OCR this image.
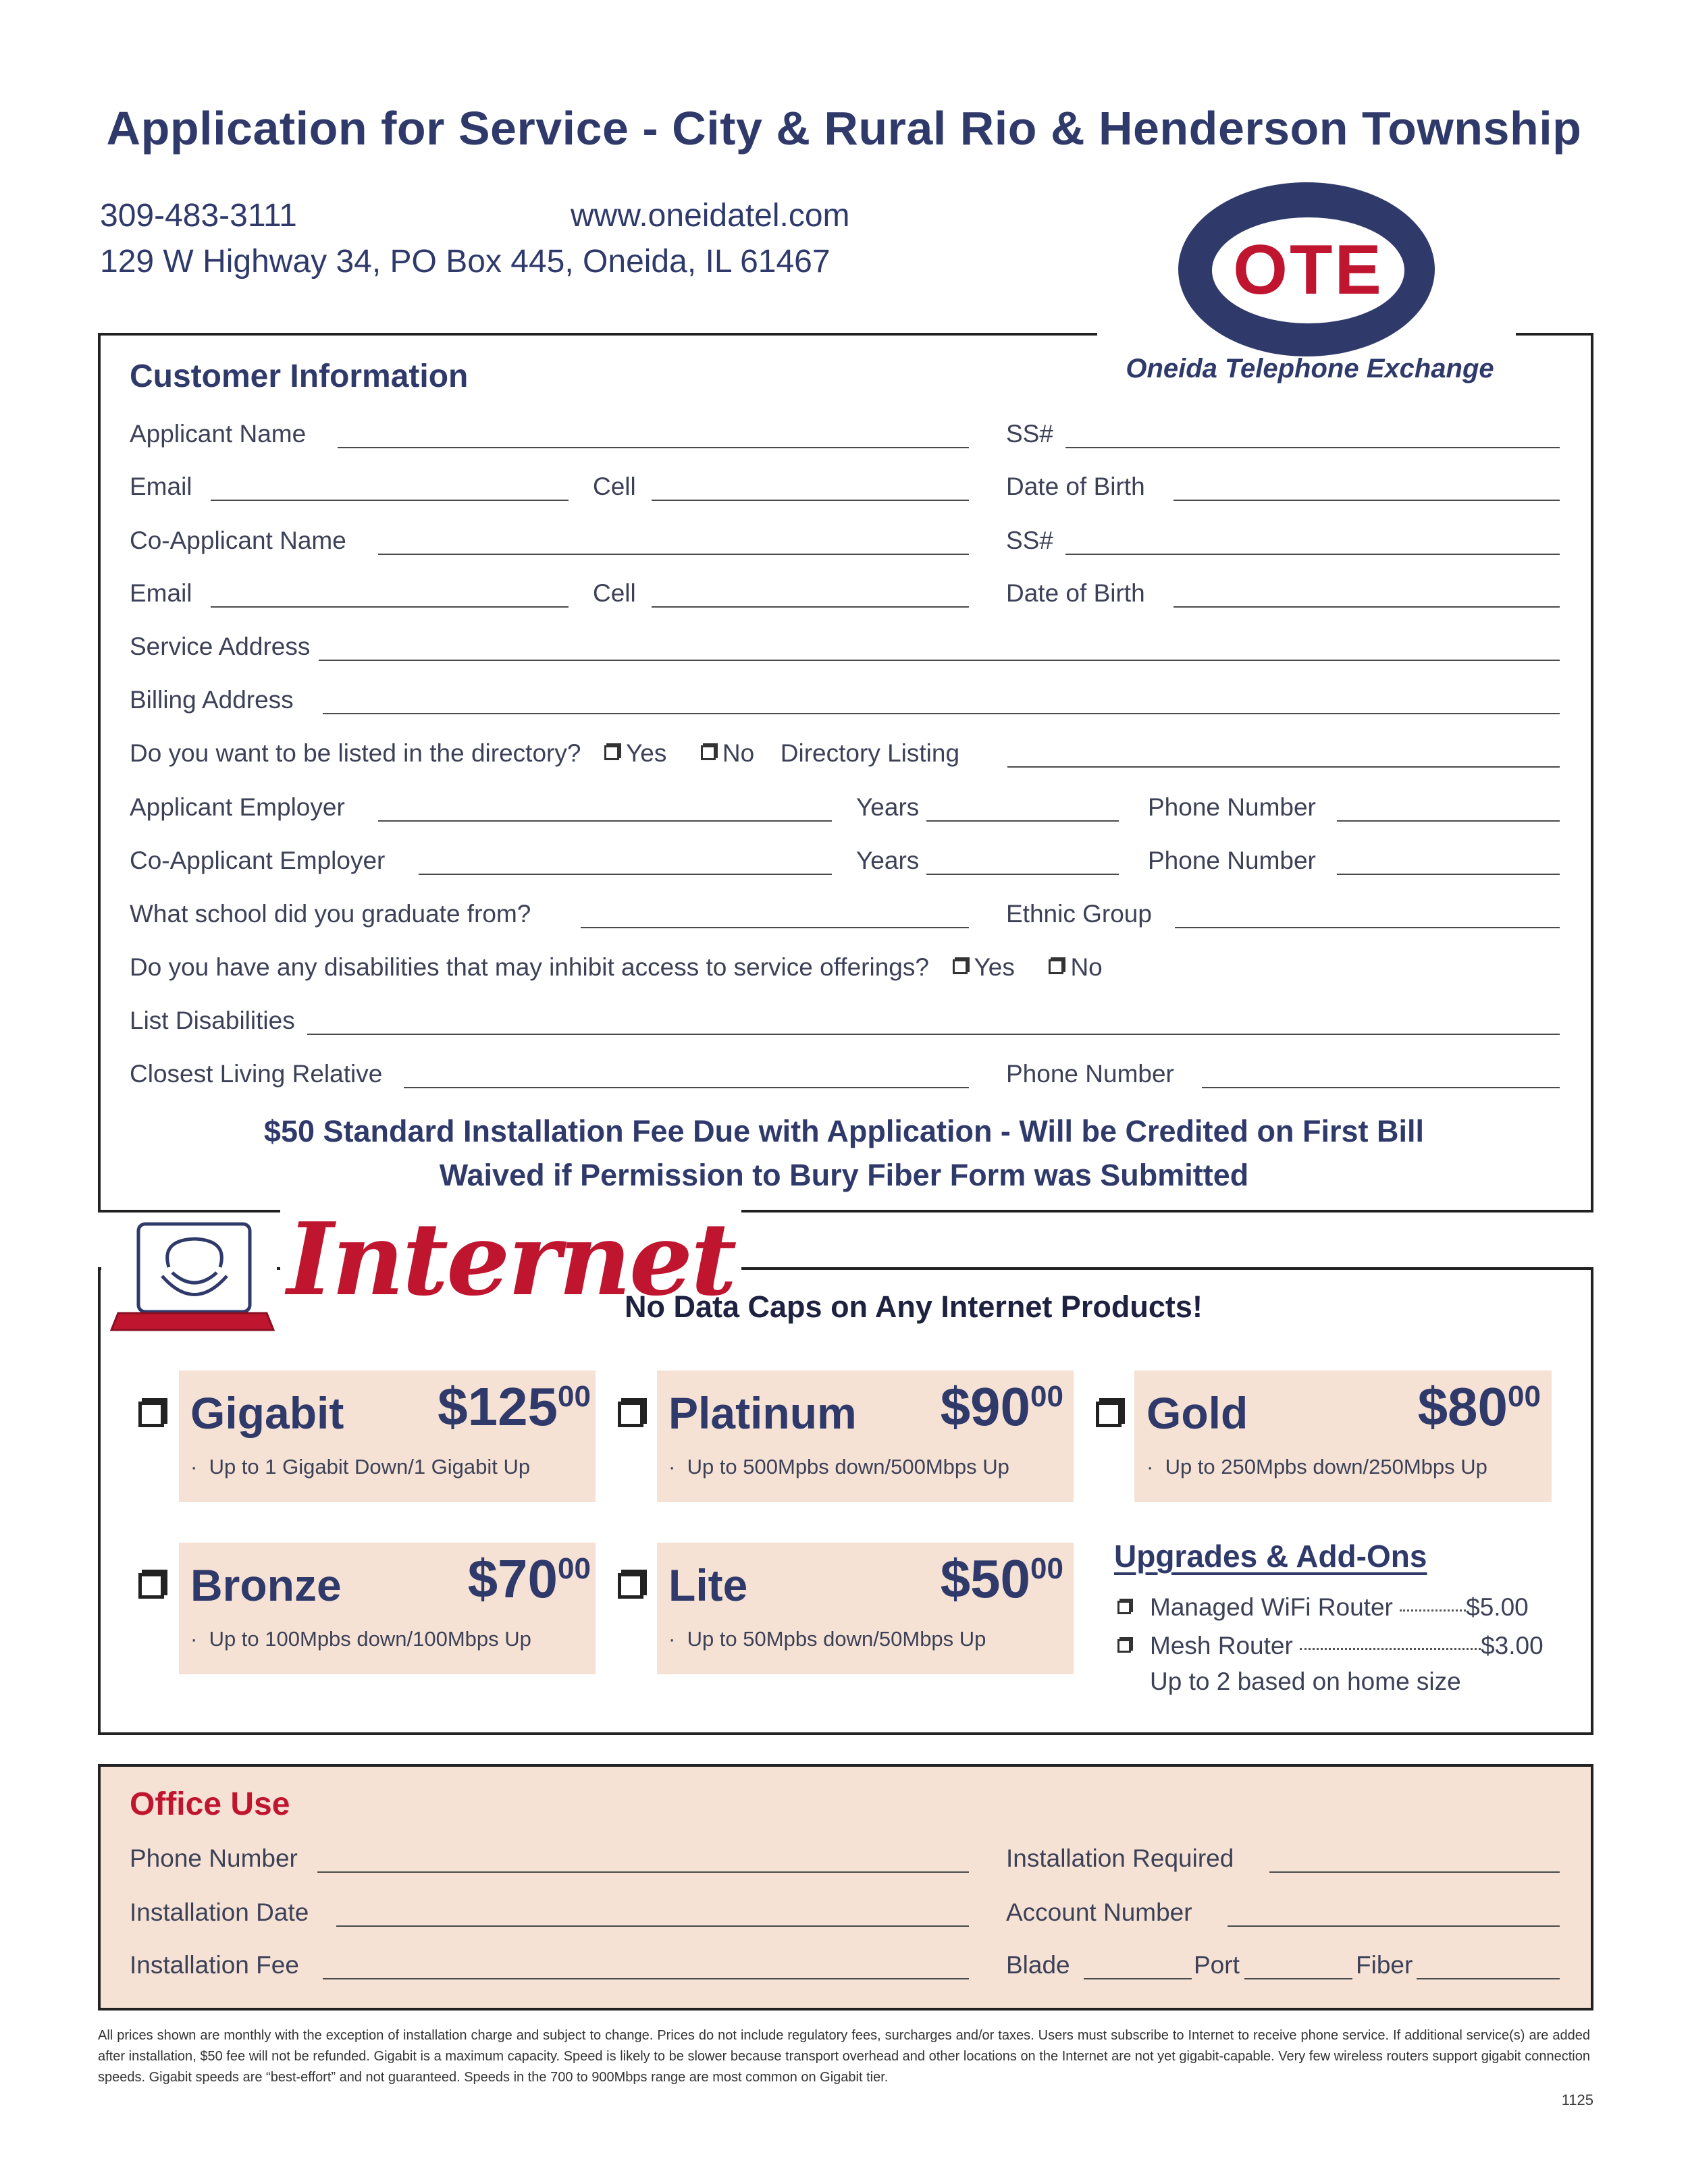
Application for Service - City & Rural Rio & Henderson Township
309-483-3111	www.oneidatel.com
129 W Highway 34, PO Box 445, Oneida, IL 61467	OTE
Oneida Telephone Exchange
Customer Information
Applicant Name	SS#
Email	Cell	Date of Birth
Co-Applicant Name	SS#
Email	Cell	Date of Birth
Service Address
Billing Address
Do you want to be listed in the directory? Yes No Directory Listing
Applicant Employer	Years	Phone Number
Co-Applicant Employer	Years	Phone Number
What school did you graduate from?	Ethnic Group
Do you have any disabilities that may inhibit access to service offerings? Yes No
List Disabilities
Closest Living Relative	Phone Number
$50 Standard Installation Fee Due with Application - Will be Credited on First Bill
Waived if Permission to Bury Fiber Form was Submitted
Internet
No Data Caps on Any Internet Products!
Gigabit $\$125^{00}$
·  Up to 1 Gigabit Down/1 Gigabit Up
Platinum $\$90^{00}$
·  Up to 500Mpbs down/500Mbps Up
Gold	$\$80^{00}$
·  Up to 250Mpbs down/250Mbps Up
Bronze $\$70^{00}$
·  Up to 100Mpbs down/100Mbps Up
Lite	$\$50^{00}$
·  Up to 50Mpbs down/50Mbps Up
Upgrades & Add-Ons
Managed WiFi Router	$5.00
Mesh Router	$3.00
Up to 2 based on home size
Office Use
Phone Number	Installation Required
Installation Date	Account Number
Installation Fee	Blade	Port	Fiber
All prices shown are monthly with the exception of installation charge and subject to change. Prices do not include regulatory fees, surcharges and/or taxes. Users must subscribe to Internet to receive phone service. If additional service(s) are added after installation, $50 fee will not be refunded. Gigabit is a maximum capacity. Speed is likely to be slower because transport overhead and other locations on the Internet are not yet gigabit-capable. Very few wireless routers support gigabit connection speeds. Gigabit speeds are “best-effort” and not guaranteed. Speeds in the 700 to 900Mbps range are most common on Gigabit tier.
1125
